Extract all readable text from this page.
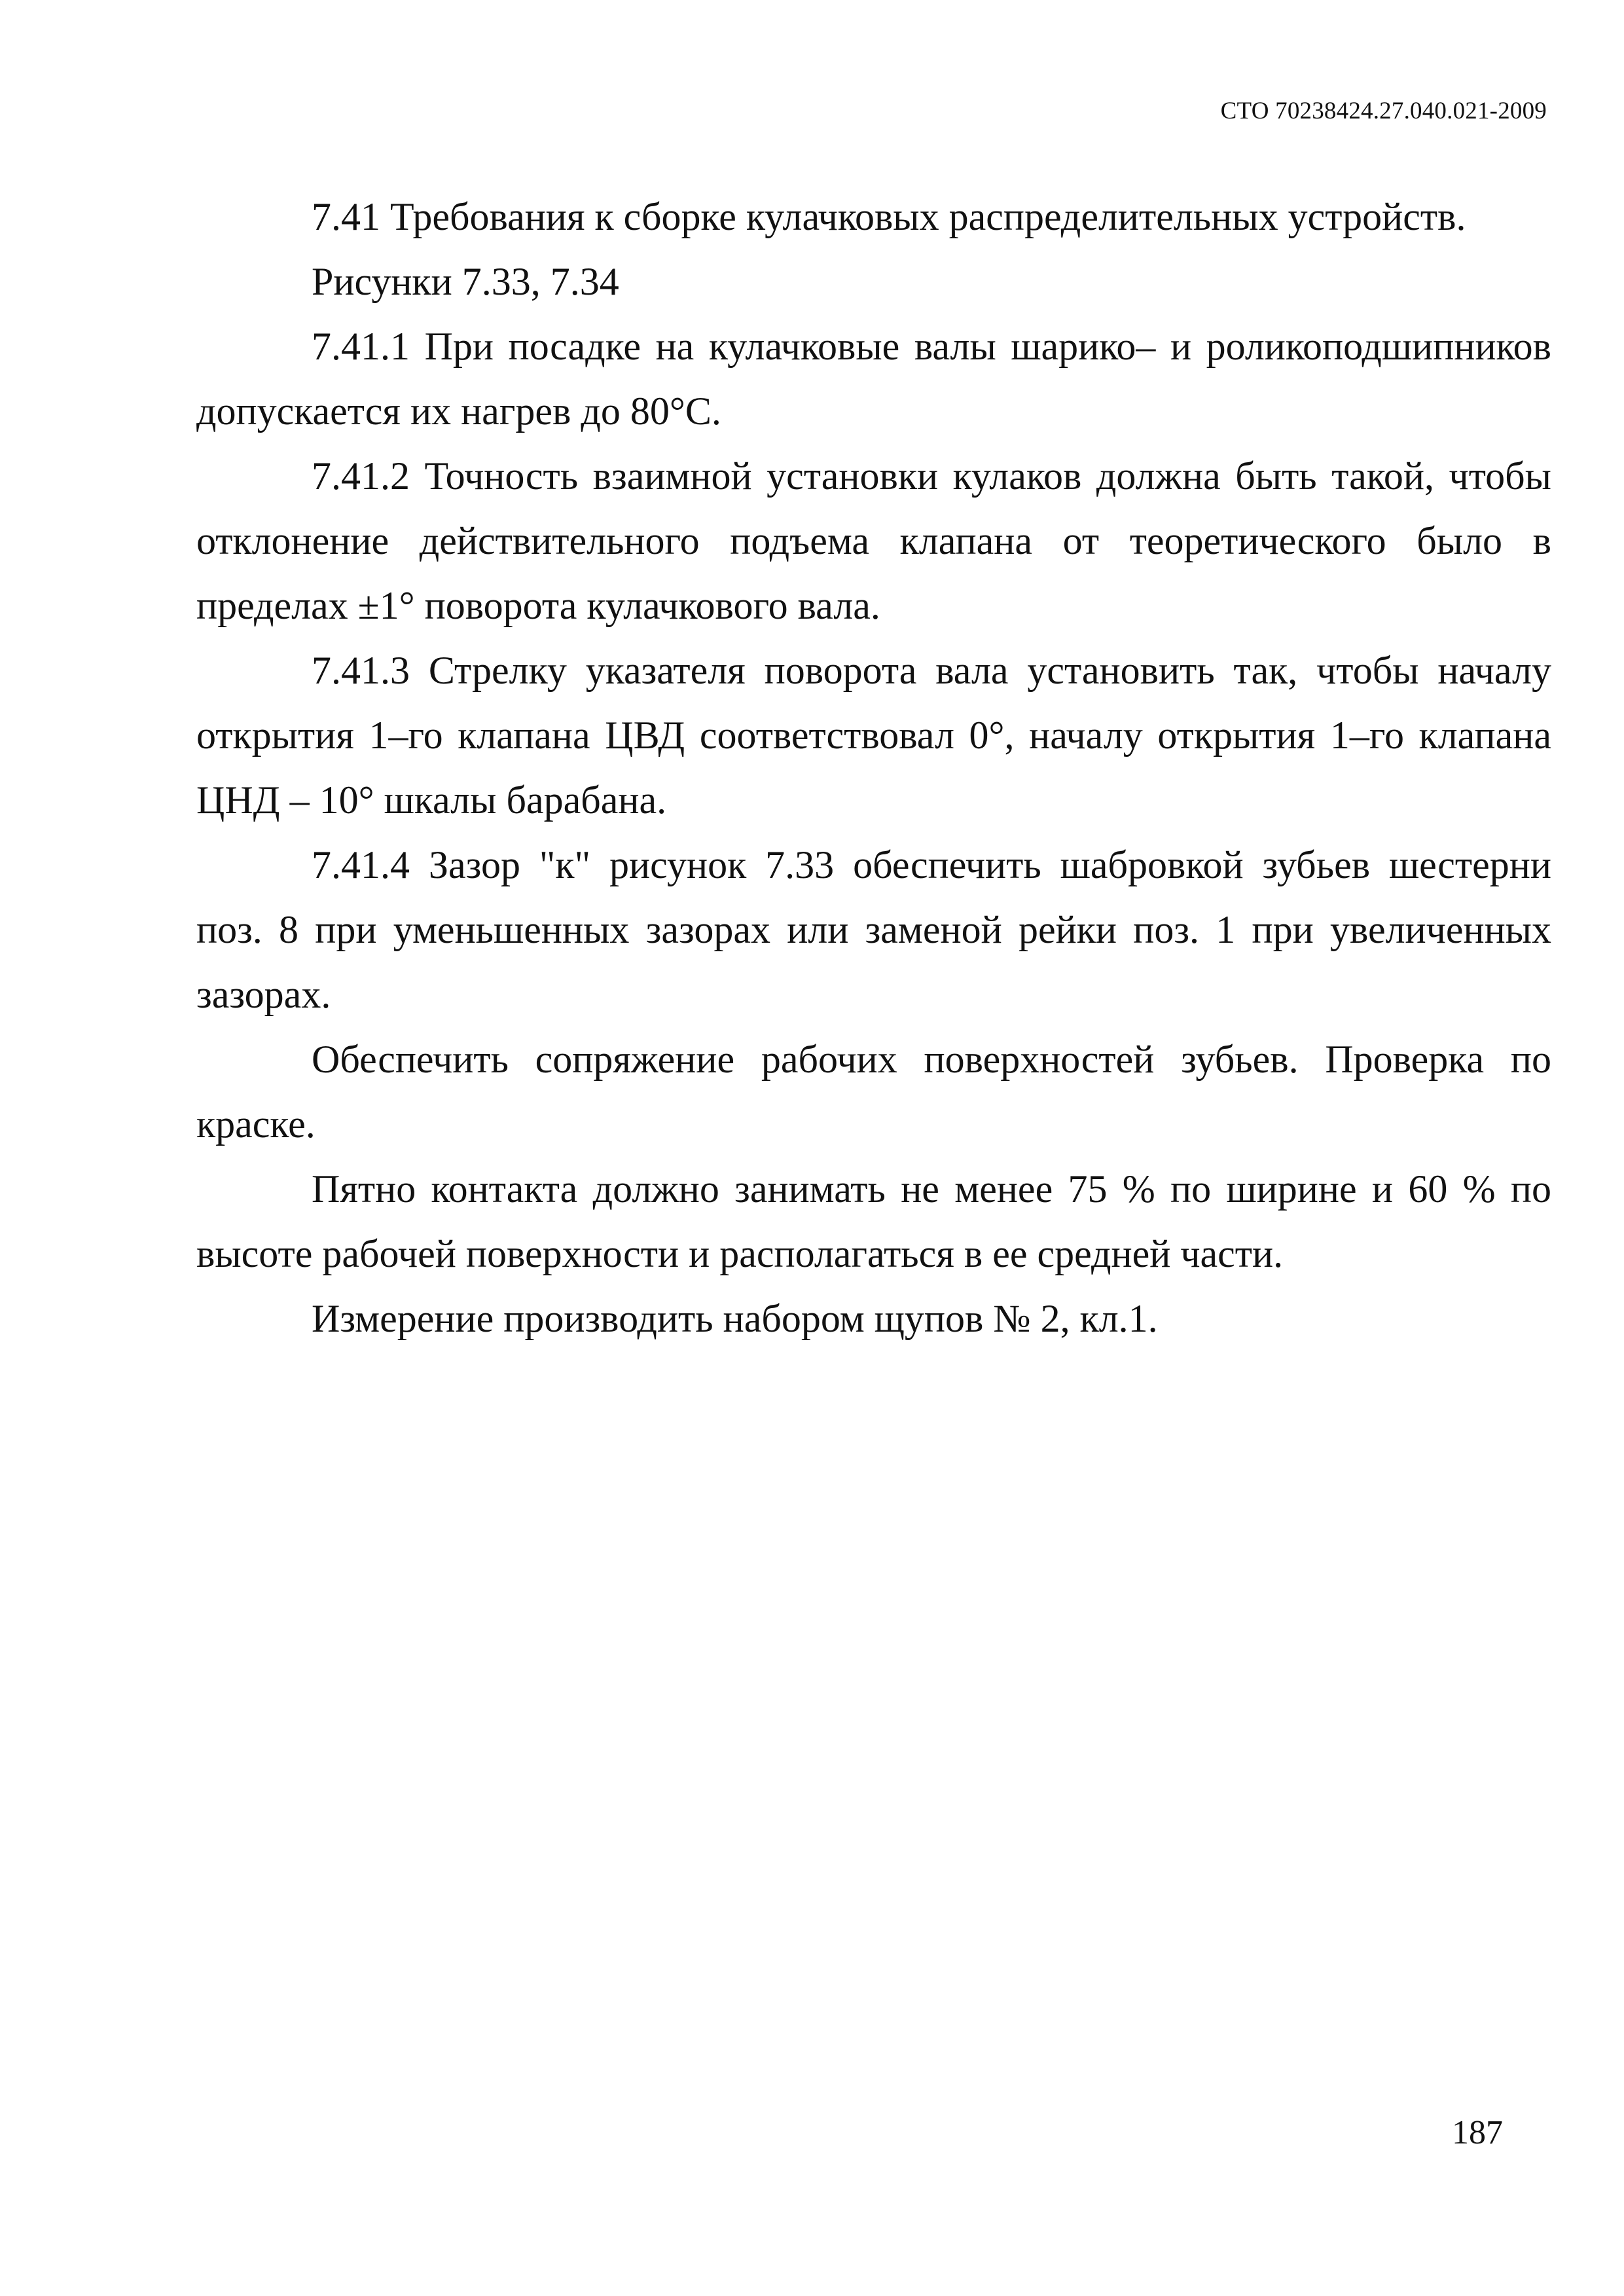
СТО 70238424.27.040.021-2009

7.41 Требования к сборке кулачковых распределительных устройств.

Рисунки 7.33, 7.34

7.41.1 При посадке на кулачковые валы шарико– и роликоподшипников допускается их нагрев до 80°С.

7.41.2 Точность взаимной установки кулаков должна быть такой, чтобы отклонение действительного подъема клапана от теоретического было в пределах ±1° поворота кулачкового вала.

7.41.3 Стрелку указателя поворота вала установить так, чтобы началу открытия 1–го клапана ЦВД соответствовал 0°, началу открытия 1–го клапана ЦНД – 10° шкалы барабана.

7.41.4 Зазор "к" рисунок 7.33 обеспечить шабровкой зубьев шестерни поз. 8 при уменьшенных зазорах или заменой рейки поз. 1 при увеличенных зазорах.

Обеспечить сопряжение рабочих поверхностей зубьев. Проверка по краске.

Пятно контакта должно занимать не менее 75 % по ширине и 60 % по высоте рабочей поверхности и располагаться в ее средней части.

Измерение производить набором щупов № 2, кл.1.

187
